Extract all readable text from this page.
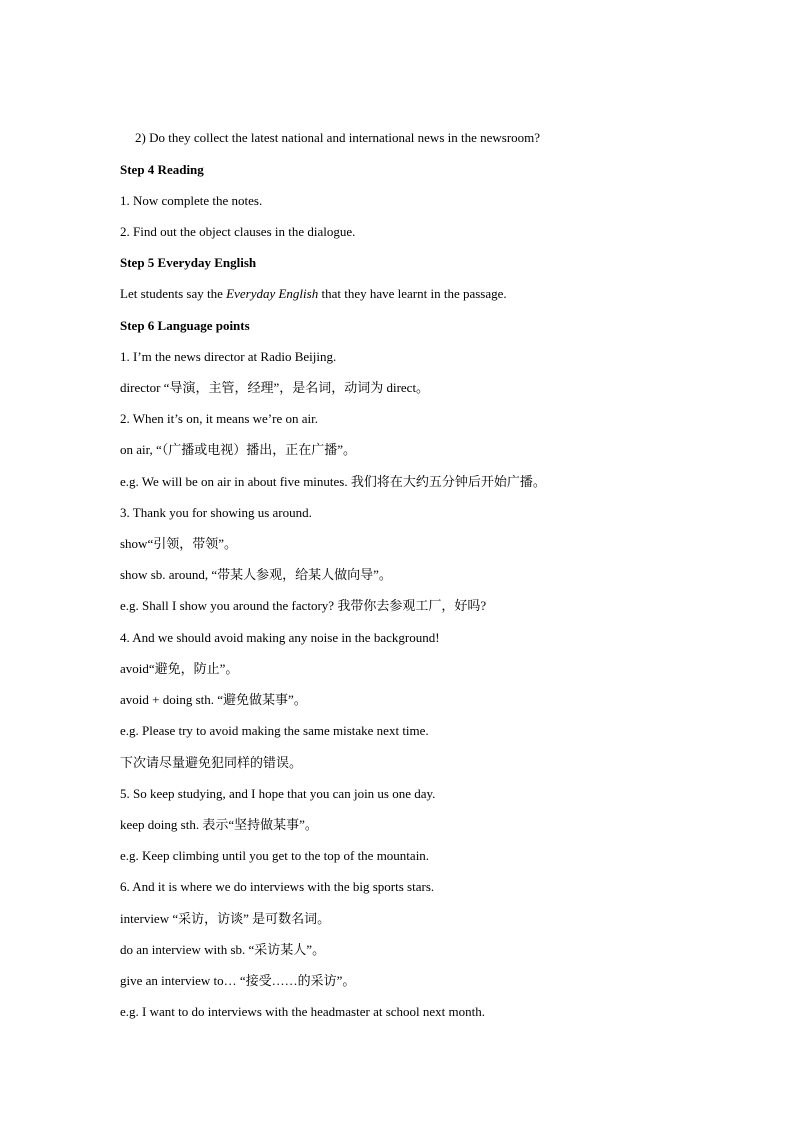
2) Do they collect the latest national and international news in the newsroom?
Step 4 Reading
1. Now complete the notes.
2. Find out the object clauses in the dialogue.
Step 5 Everyday English
Let students say the Everyday English that they have learnt in the passage.
Step 6 Language points
1. I’m the news director at Radio Beijing.
director “导演，主管，经理”，是名词，动词为 direct。
2. When it’s on, it means we’re on air.
on air, “（广播或电视）播出，正在广播”。
e.g. We will be on air in about five minutes. 我们将在大约五分钟后开始广播。
3. Thank you for showing us around.
show“引领，带领”。
show sb. around, “带某人参观，给某人做向导”。
e.g. Shall I show you around the factory? 我带你去参观工厂，好吗?
4. And we should avoid making any noise in the background!
avoid“避免，防止”。
avoid + doing sth. “避免做某事”。
e.g. Please try to avoid making the same mistake next time.
下次请尽量避免犯同样的错误。
5. So keep studying, and I hope that you can join us one day.
keep doing sth. 表示“坚持做某事”。
e.g. Keep climbing until you get to the top of the mountain.
6. And it is where we do interviews with the big sports stars.
interview “采访，访谈” 是可数名词。
do an interview with sb. “采访某人”。
give an interview to… “接受……的采访”。
e.g. I want to do interviews with the headmaster at school next month.
